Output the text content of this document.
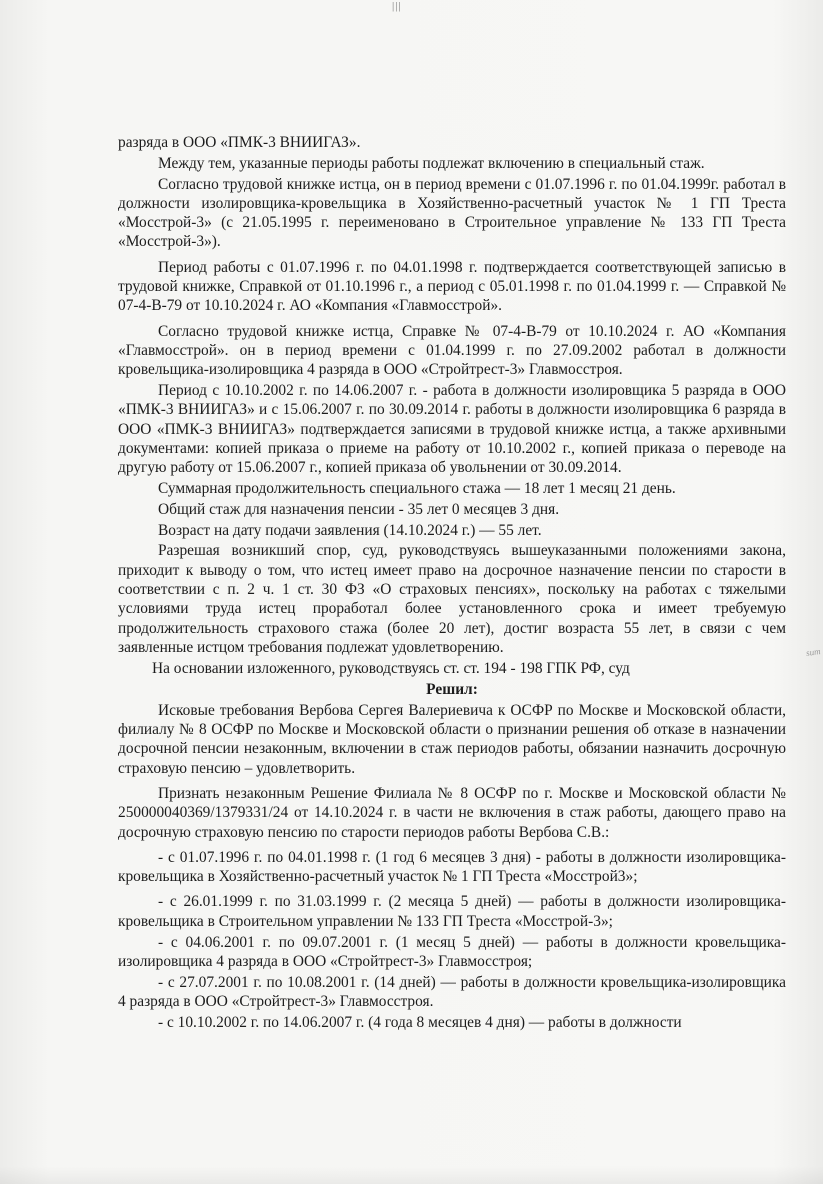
|||

разряда в ООО «ПМК-3 ВНИИГАЗ».

Между тем, указанные периоды работы подлежат включению в специальный стаж.

Согласно трудовой книжке истца, он в период времени с 01.07.1996 г. по 01.04.1999г. работал в должности изолировщика-кровельщика в Хозяйственно-расчетный участок № 1 ГП Треста «Мосстрой-3» (с 21.05.1995 г. переименовано в Строительное управление № 133 ГП Треста «Мосстрой-3»).

Период работы с 01.07.1996 г. по 04.01.1998 г. подтверждается соответствующей записью в трудовой книжке, Справкой от 01.10.1996 г., а период с 05.01.1998 г. по 01.04.1999 г. — Справкой № 07-4-В-79 от 10.10.2024 г. АО «Компания «Главмосстрой».

Согласно трудовой книжке истца, Справке № 07-4-В-79 от 10.10.2024 г. АО «Компания «Главмосстрой». он в период времени с 01.04.1999 г. по 27.09.2002 работал в должности кровельщика-изолировщика 4 разряда в ООО «Стройтрест-3» Главмосстроя.

Период с 10.10.2002 г. по 14.06.2007 г. - работа в должности изолировщика 5 разряда в ООО «ПМК-3 ВНИИГАЗ» и с 15.06.2007 г. по 30.09.2014 г. работы в должности изолировщика 6 разряда в ООО «ПМК-3 ВНИИГАЗ» подтверждается записями в трудовой книжке истца, а также архивными документами: копией приказа о приеме на работу от 10.10.2002 г., копией приказа о переводе на другую работу от 15.06.2007 г., копией приказа об увольнении от 30.09.2014.

Суммарная продолжительность специального стажа — 18 лет 1 месяц 21 день.

Общий стаж для назначения пенсии - 35 лет 0 месяцев 3 дня.

Возраст на дату подачи заявления (14.10.2024 г.) — 55 лет.

Разрешая возникший спор, суд, руководствуясь вышеуказанными положениями закона, приходит к выводу о том, что истец имеет право на досрочное назначение пенсии по старости в соответствии с п. 2 ч. 1 ст. 30 ФЗ «О страховых пенсиях», поскольку на работах с тяжелыми условиями труда истец проработал более установленного срока и имеет требуемую продолжительность страхового стажа (более 20 лет), достиг возраста 55 лет, в связи с чем заявленные истцом требования подлежат удовлетворению.

На основании изложенного, руководствуясь ст. ст. 194 - 198 ГПК РФ, суд

Решил:

Исковые требования Вербова Сергея Валериевича к ОСФР по Москве и Московской области, филиалу № 8 ОСФР по Москве и Московской области о признании решения об отказе в назначении досрочной пенсии незаконным, включении в стаж периодов работы, обязании назначить досрочную страховую пенсию – удовлетворить.

Признать незаконным Решение Филиала № 8 ОСФР по г. Москве и Московской области № 250000040369/1379331/24 от 14.10.2024 г. в части не включения в стаж работы, дающего право на досрочную страховую пенсию по старости периодов работы Вербова С.В.:

- с 01.07.1996 г. по 04.01.1998 г. (1 год 6 месяцев 3 дня) - работы в должности изолировщика-кровельщика в Хозяйственно-расчетный участок № 1 ГП Треста «Мосстрой3»;

- с 26.01.1999 г. по 31.03.1999 г. (2 месяца 5 дней) — работы в должности изолировщика-кровельщика в Строительном управлении № 133 ГП Треста «Мосстрой-3»;

- с 04.06.2001 г. по 09.07.2001 г. (1 месяц 5 дней) — работы в должности кровельщика-изолировщика 4 разряда в ООО «Стройтрест-3» Главмосстроя;

- с 27.07.2001 г. по 10.08.2001 г. (14 дней) — работы в должности кровельщика-изолировщика 4 разряда в ООО «Стройтрест-3» Главмосстроя.

- с 10.10.2002 г. по 14.06.2007 г. (4 года 8 месяцев 4 дня) — работы в должности

sum
